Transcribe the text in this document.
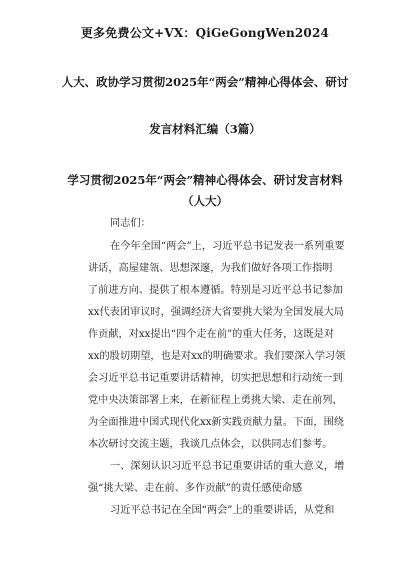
更多免费公文+VX：QiGeGongWen2024
人大、政协学习贯彻2025年“两会”精神心得体会、研讨
发言材料汇编（3篇）
学习贯彻2025年“两会”精神心得体会、研讨发言材料
（人大）
同志们：
在今年全国“两会”上，习近平总书记发表一系列重要
讲话，高屋建瓴、思想深邃，为我们做好各项工作指明
了前进方向、提供了根本遵循。特别是习近平总书记参加
xx代表团审议时，强调经济大省要挑大梁为全国发展大局
作贡献，对xx提出“四个走在前”的重大任务，这既是对
xx的殷切期望，也是对xx的明确要求。我们要深入学习领
会习近平总书记重要讲话精神，切实把思想和行动统一到
党中央决策部署上来，在新征程上勇挑大梁、走在前列，
为全面推进中国式现代化xx新实践贡献力量。下面，围绕
本次研讨交流主题，我谈几点体会，以供同志们参考。
一、深刻认识习近平总书记重要讲话的重大意义，增
强“挑大梁、走在前、多作贡献”的责任感使命感
习近平总书记在全国“两会”上的重要讲话，从党和
